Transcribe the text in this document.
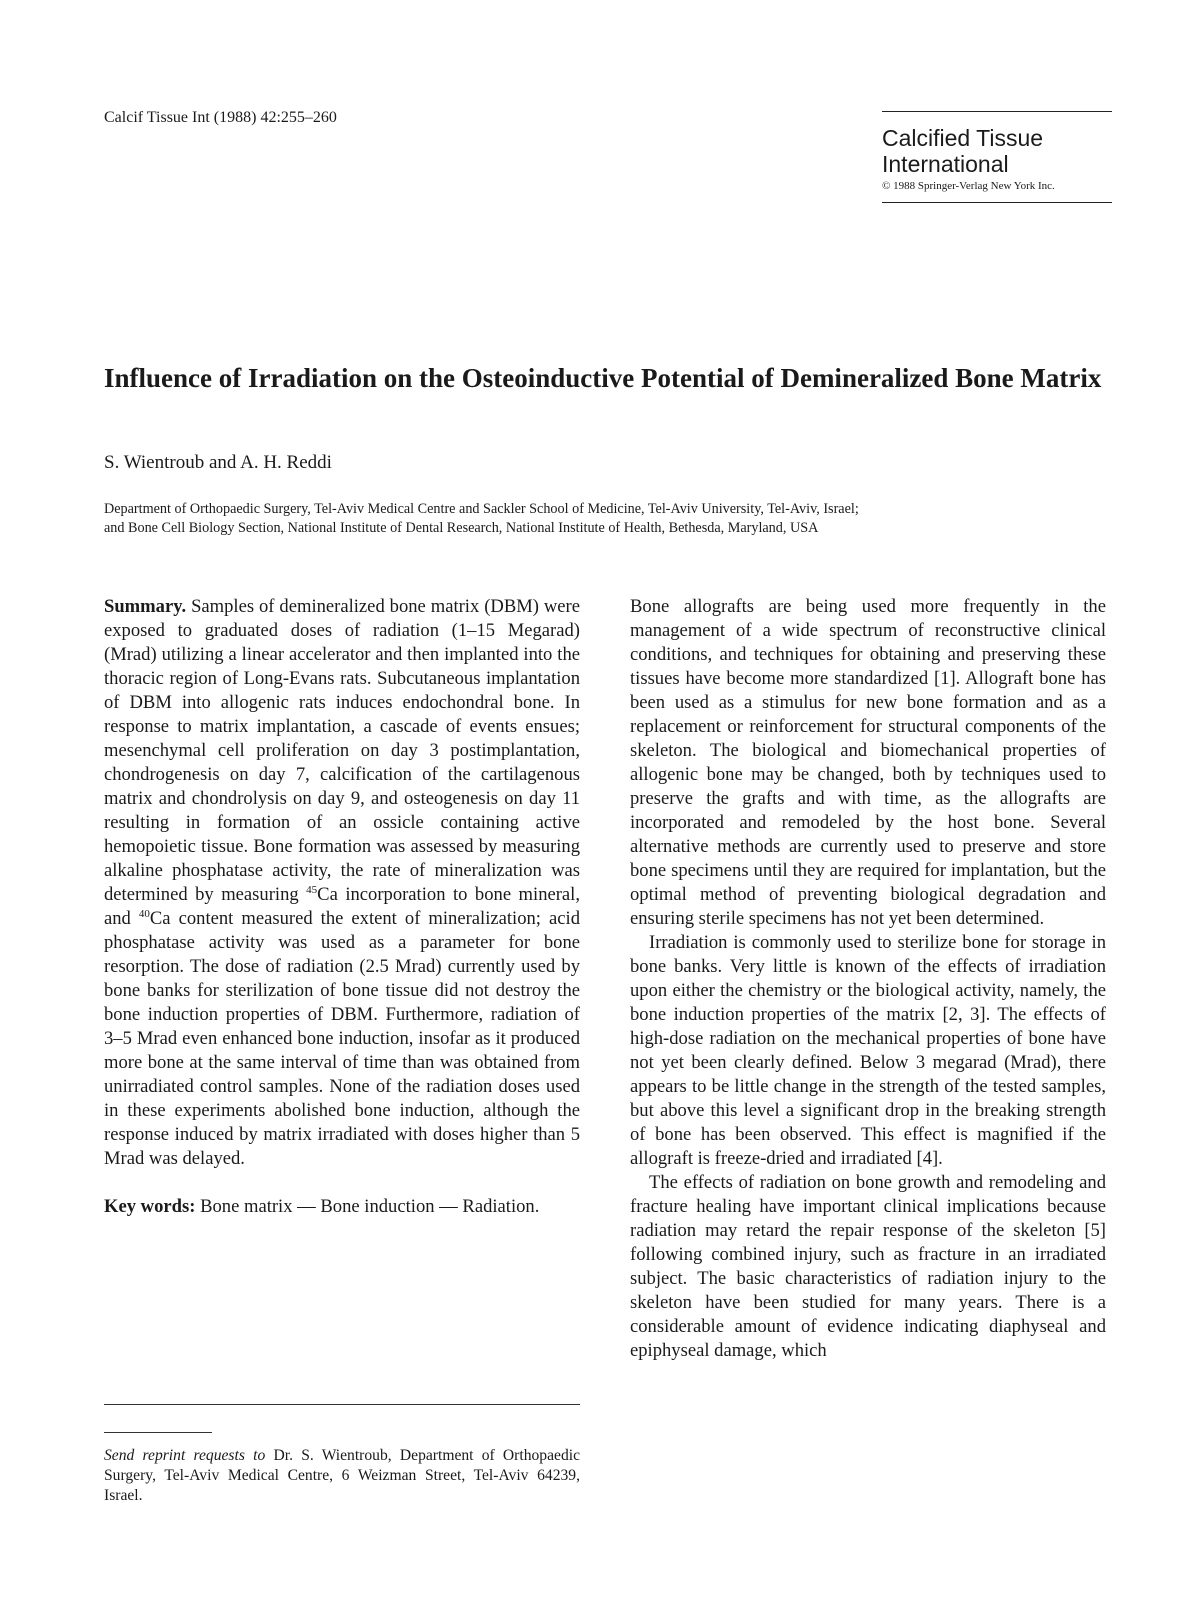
Calcif Tissue Int (1988) 42:255–260
Calcified Tissue
International
© 1988 Springer-Verlag New York Inc.
Influence of Irradiation on the Osteoinductive Potential of Demineralized Bone Matrix
S. Wientroub and A. H. Reddi
Department of Orthopaedic Surgery, Tel-Aviv Medical Centre and Sackler School of Medicine, Tel-Aviv University, Tel-Aviv, Israel;
and Bone Cell Biology Section, National Institute of Dental Research, National Institute of Health, Bethesda, Maryland, USA

Summary. Samples of demineralized bone matrix (DBM) were exposed to graduated doses of radiation (1–15 Megarad) (Mrad) utilizing a linear accelerator and then implanted into the thoracic region of Long-Evans rats. Subcutaneous implantation of DBM into allogenic rats induces endochondral bone. In response to matrix implantation, a cascade of events ensues; mesenchymal cell proliferation on day 3 postimplantation, chondrogenesis on day 7, calcification of the cartilagenous matrix and chondrolysis on day 9, and osteogenesis on day 11 resulting in formation of an ossicle containing active hemopoietic tissue. Bone formation was assessed by measuring alkaline phosphatase activity, the rate of mineralization was determined by measuring $^{45}$Ca incorporation to bone mineral, and $^{40}$Ca content measured the extent of mineralization; acid phosphatase activity was used as a parameter for bone resorption. The dose of radiation (2.5 Mrad) currently used by bone banks for sterilization of bone tissue did not destroy the bone induction properties of DBM. Furthermore, radiation of 3–5 Mrad even enhanced bone induction, insofar as it produced more bone at the same interval of time than was obtained from unirradiated control samples. None of the radiation doses used in these experiments abolished bone induction, although the response induced by matrix irradiated with doses higher than 5 Mrad was delayed.

Key words: Bone matrix — Bone induction — Radiation.

Send reprint requests to Dr. S. Wientroub, Department of Orthopaedic Surgery, Tel-Aviv Medical Centre, 6 Weizman Street, Tel-Aviv 64239, Israel.

Bone allografts are being used more frequently in the management of a wide spectrum of reconstructive clinical conditions, and techniques for obtaining and preserving these tissues have become more standardized [1]. Allograft bone has been used as a stimulus for new bone formation and as a replacement or reinforcement for structural components of the skeleton. The biological and biomechanical properties of allogenic bone may be changed, both by techniques used to preserve the grafts and with time, as the allografts are incorporated and remodeled by the host bone. Several alternative methods are currently used to preserve and store bone specimens until they are required for implantation, but the optimal method of preventing biological degradation and ensuring sterile specimens has not yet been determined.

Irradiation is commonly used to sterilize bone for storage in bone banks. Very little is known of the effects of irradiation upon either the chemistry or the biological activity, namely, the bone induction properties of the matrix [2, 3]. The effects of high-dose radiation on the mechanical properties of bone have not yet been clearly defined. Below 3 megarad (Mrad), there appears to be little change in the strength of the tested samples, but above this level a significant drop in the breaking strength of bone has been observed. This effect is magnified if the allograft is freeze-dried and irradiated [4].

The effects of radiation on bone growth and remodeling and fracture healing have important clinical implications because radiation may retard the repair response of the skeleton [5] following combined injury, such as fracture in an irradiated subject. The basic characteristics of radiation injury to the skeleton have been studied for many years. There is a considerable amount of evidence indicating diaphyseal and epiphyseal damage, which
